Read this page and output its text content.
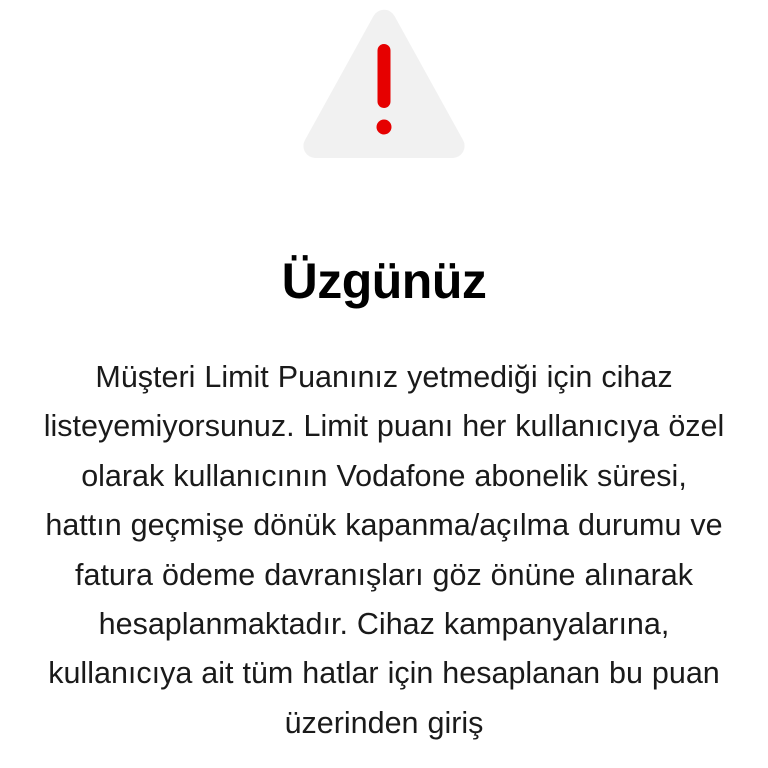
Üzgünüz
Müşteri Limit Puanınız yetmediği için cihaz listeyemiyorsunuz. Limit puanı her kullanıcıya özel olarak kullanıcının Vodafone abonelik süresi, hattın geçmişe dönük kapanma/açılma durumu ve fatura ödeme davranışları göz önüne alınarak hesaplanmaktadır. Cihaz kampanyalarına, kullanıcıya ait tüm hatlar için hesaplanan bu puan üzerinden giriş
